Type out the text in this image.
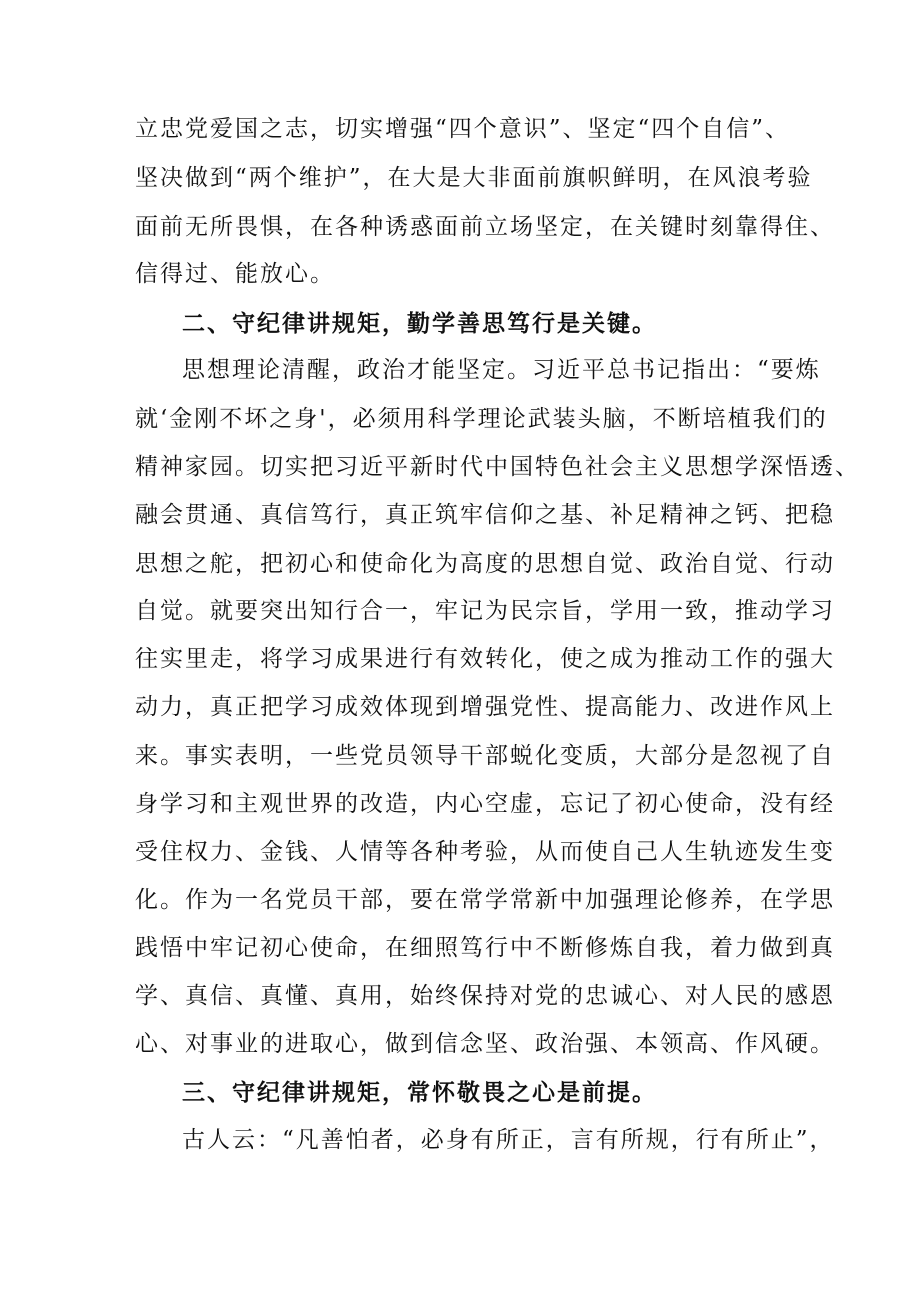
立忠党爱国之志，切实增强“四个意识”、坚定“四个自信”、
坚决做到“两个维护”，在大是大非面前旗帜鲜明，在风浪考验
面前无所畏惧，在各种诱惑面前立场坚定，在关键时刻靠得住、
信得过、能放心。
二、守纪律讲规矩，勤学善思笃行是关键。
思想理论清醒，政治才能坚定。习近平总书记指出：“要炼
就‘金刚不坏之身'，必须用科学理论武装头脑，不断培植我们的
精神家园。切实把习近平新时代中国特色社会主义思想学深悟透、
融会贯通、真信笃行，真正筑牢信仰之基、补足精神之钙、把稳
思想之舵，把初心和使命化为高度的思想自觉、政治自觉、行动
自觉。就要突出知行合一，牢记为民宗旨，学用一致，推动学习
往实里走，将学习成果进行有效转化，使之成为推动工作的强大
动力，真正把学习成效体现到增强党性、提高能力、改进作风上
来。事实表明，一些党员领导干部蜕化变质，大部分是忽视了自
身学习和主观世界的改造，内心空虚，忘记了初心使命，没有经
受住权力、金钱、人情等各种考验，从而使自己人生轨迹发生变
化。作为一名党员干部，要在常学常新中加强理论修养，在学思
践悟中牢记初心使命，在细照笃行中不断修炼自我，着力做到真
学、真信、真懂、真用，始终保持对党的忠诚心、对人民的感恩
心、对事业的进取心，做到信念坚、政治强、本领高、作风硬。
三、守纪律讲规矩，常怀敬畏之心是前提。
古人云：“凡善怕者，必身有所正，言有所规，行有所止”，
